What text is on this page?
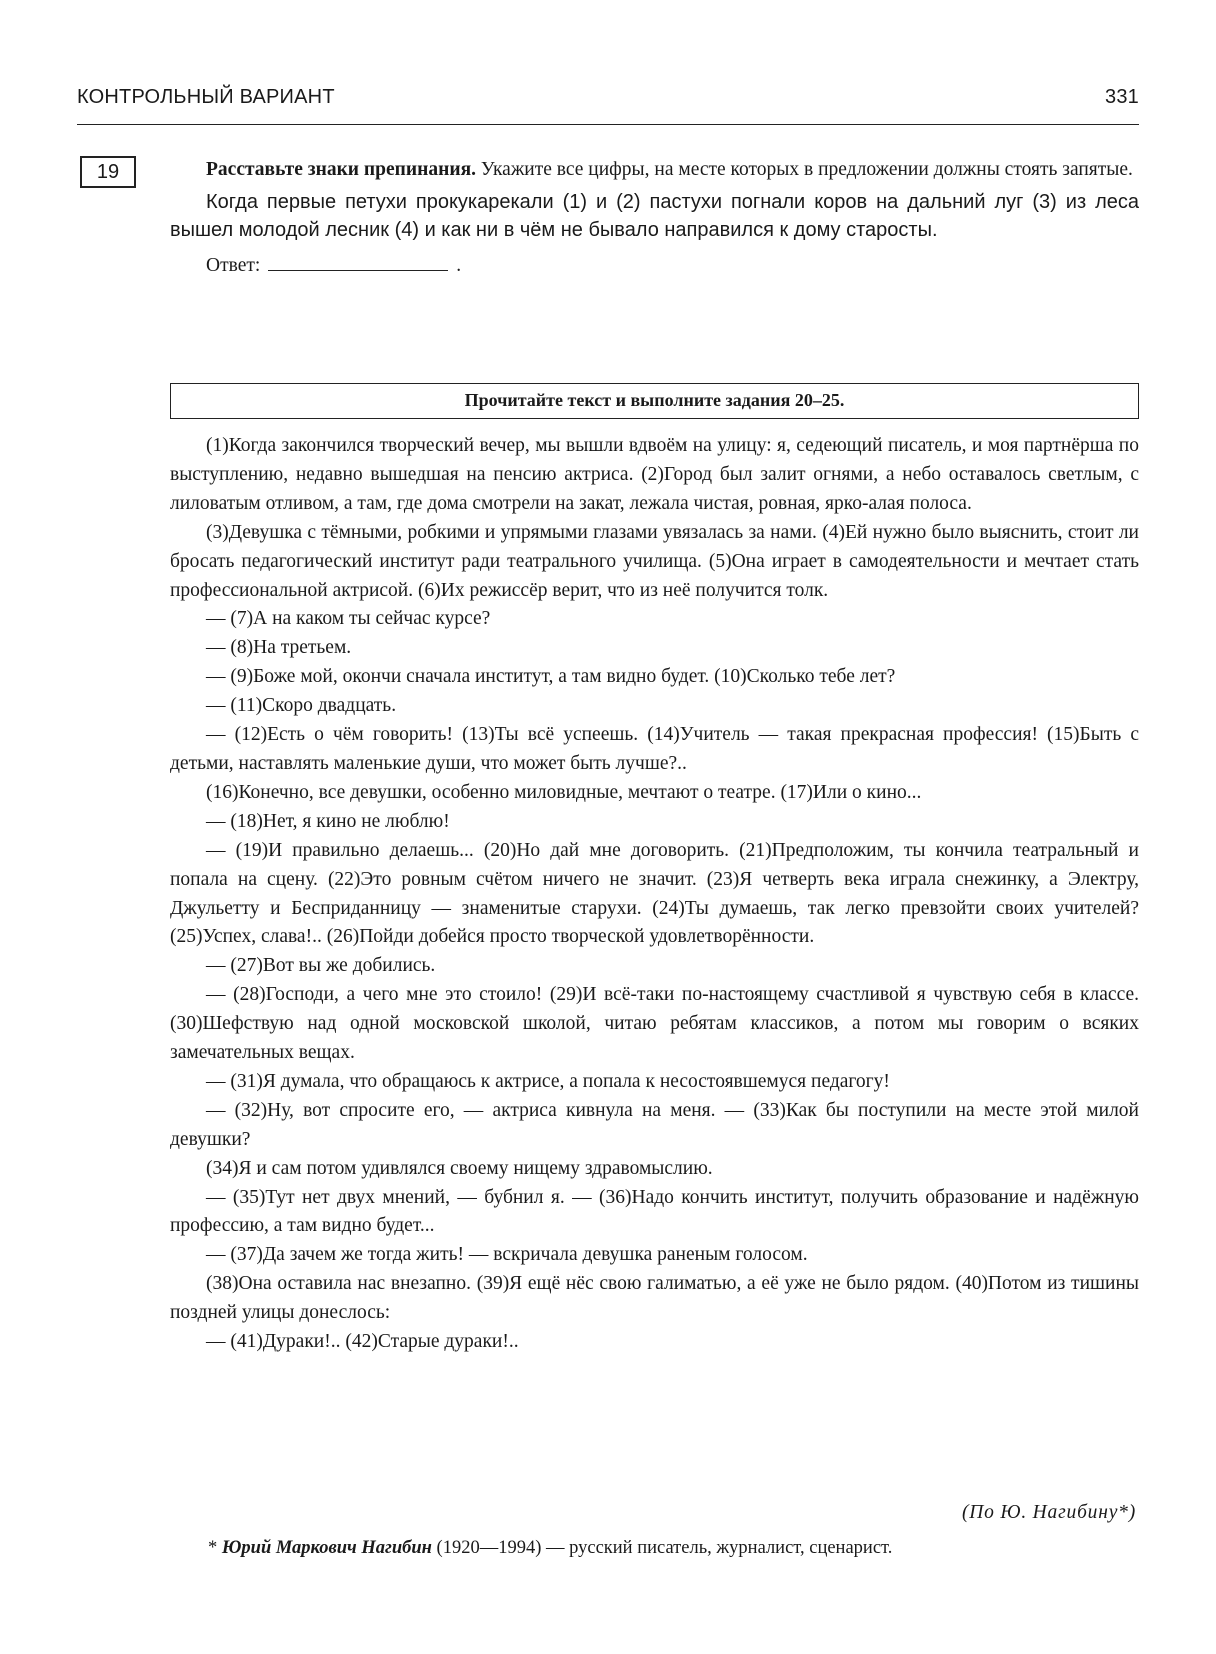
КОНТРОЛЬНЫЙ ВАРИАНТ	331
19	Расставьте знаки препинания. Укажите все цифры, на месте которых в предложении должны стоять запятые.

Когда первые петухи прокукарекали (1) и (2) пастухи погнали коров на дальний луг (3) из леса вышел молодой лесник (4) и как ни в чём не бывало направился к дому старосты.

Ответ:	.
Прочитайте текст и выполните задания 20–25.

(1)Когда закончился творческий вечер, мы вышли вдвоём на улицу: я, седеющий писатель, и моя партнёрша по выступлению, недавно вышедшая на пенсию актриса. (2)Город был залит огнями, а небо оставалось светлым, с лиловатым отливом, а там, где дома смотрели на закат, лежала чистая, ровная, ярко-алая полоса.

(3)Девушка с тёмными, робкими и упрямыми глазами увязалась за нами. (4)Ей нужно было выяснить, стоит ли бросать педагогический институт ради театрального училища. (5)Она играет в самодеятельности и мечтает стать профессиональной актрисой. (6)Их режиссёр верит, что из неё получится толк.

— (7)А на каком ты сейчас курсе?

— (8)На третьем.

— (9)Боже мой, окончи сначала институт, а там видно будет. (10)Сколько тебе лет?

— (11)Скоро двадцать.

— (12)Есть о чём говорить! (13)Ты всё успеешь. (14)Учитель — такая прекрасная профессия! (15)Быть с детьми, наставлять маленькие души, что может быть лучше?..

(16)Конечно, все девушки, особенно миловидные, мечтают о театре. (17)Или о кино...

— (18)Нет, я кино не люблю!

— (19)И правильно делаешь... (20)Но дай мне договорить. (21)Предположим, ты кончила театральный и попала на сцену. (22)Это ровным счётом ничего не значит. (23)Я четверть века играла снежинку, а Электру, Джульетту и Бесприданницу — знаменитые старухи. (24)Ты думаешь, так легко превзойти своих учителей? (25)Успех, слава!.. (26)Пойди добейся просто творческой удовлетворённости.

— (27)Вот вы же добились.

— (28)Господи, а чего мне это стоило! (29)И всё-таки по-настоящему счастливой я чувствую себя в классе. (30)Шефствую над одной московской школой, читаю ребятам классиков, а потом мы говорим о всяких замечательных вещах.

— (31)Я думала, что обращаюсь к актрисе, а попала к несостоявшемуся педагогу!

— (32)Ну, вот спросите его, — актриса кивнула на меня. — (33)Как бы поступили на месте этой милой девушки?

(34)Я и сам потом удивлялся своему нищему здравомыслию.

— (35)Тут нет двух мнений, — бубнил я. — (36)Надо кончить институт, получить образование и надёжную профессию, а там видно будет...

— (37)Да зачем же тогда жить! — вскричала девушка раненым голосом.

(38)Она оставила нас внезапно. (39)Я ещё нёс свою галиматью, а её уже не было рядом. (40)Потом из тишины поздней улицы донеслось:

— (41)Дураки!.. (42)Старые дураки!..

(По Ю. Нагибину*)
* Юрий Маркович Нагибин (1920—1994) — русский писатель, журналист, сценарист.
